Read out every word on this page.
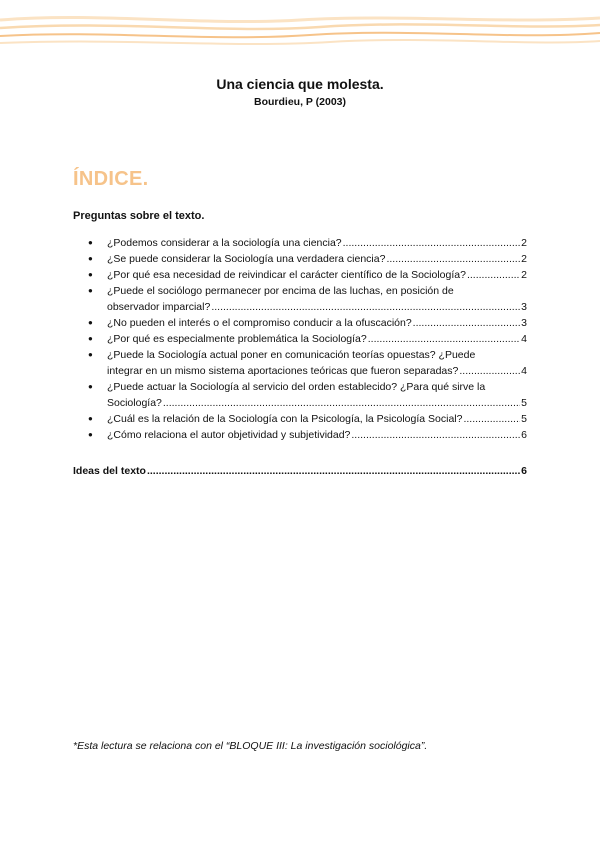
Una ciencia que molesta.

Bourdieu, P (2003)

ÍNDICE.

Preguntas sobre el texto.

● ¿Podemos considerar a la sociología una ciencia? .....	2
● ¿Se puede considerar la Sociología una verdadera ciencia? .....	2
● ¿Por qué esa necesidad de reivindicar el carácter científico de la Sociología? .....	2
● ¿Puede el sociólogo permanecer por encima de las luchas, en posición de
observador imparcial? .....	3
● ¿No pueden el interés o el compromiso conducir a la ofuscación? .....	3
● ¿Por qué es especialmente problemática la Sociología? .....	4
● ¿Puede la Sociología actual poner en comunicación teorías opuestas? ¿Puede
integrar en un mismo sistema aportaciones teóricas que fueron separadas? .....	4
● ¿Puede actuar la Sociología al servicio del orden establecido? ¿Para qué sirve la
Sociología? .....	5
● ¿Cuál es la relación de la Sociología con la Psicología, la Psicología Social? .....	5
● ¿Cómo relaciona el autor objetividad y subjetividad? .....	6
Ideas del texto .....	6

*Esta lectura se relaciona con el “BLOQUE III: La investigación sociológica”.
